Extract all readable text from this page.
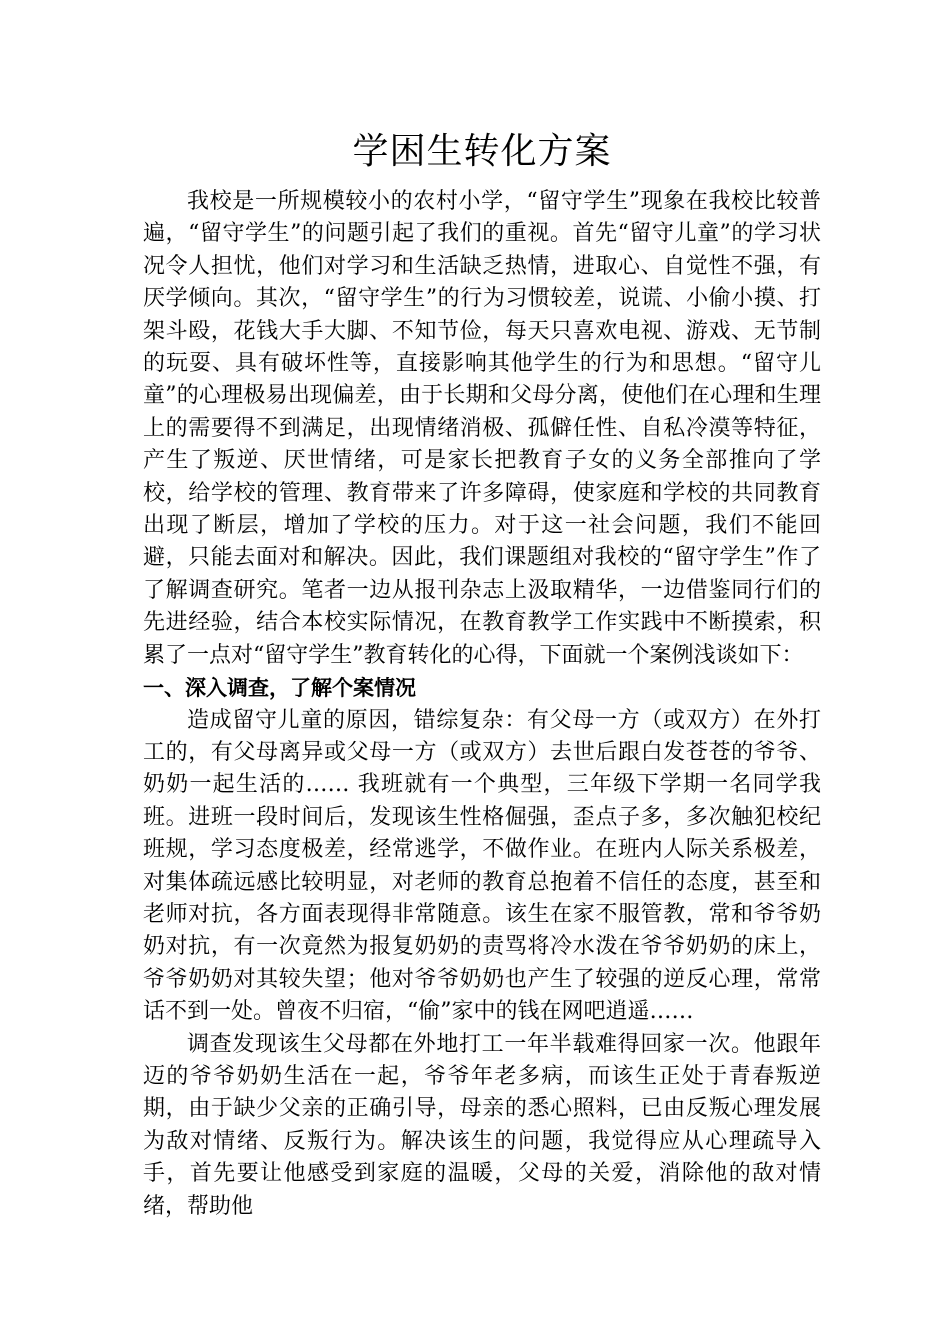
学困生转化方案

我校是一所规模较小的农村小学，“留守学生”现象在我校比较普遍，“留守学生”的问题引起了我们的重视。首先“留守儿童”的学习状况令人担忧，他们对学习和生活缺乏热情，进取心、自觉性不强，有厌学倾向。其次，“留守学生”的行为习惯较差，说谎、小偷小摸、打架斗殴，花钱大手大脚、不知节俭，每天只喜欢电视、游戏、无节制的玩耍、具有破坏性等，直接影响其他学生的行为和思想。“留守儿童”的心理极易出现偏差，由于长期和父母分离，使他们在心理和生理上的需要得不到满足，出现情绪消极、孤僻任性、自私冷漠等特征，产生了叛逆、厌世情绪，可是家长把教育子女的义务全部推向了学校，给学校的管理、教育带来了许多障碍，使家庭和学校的共同教育出现了断层，增加了学校的压力。对于这一社会问题，我们不能回避，只能去面对和解决。因此，我们课题组对我校的“留守学生”作了了解调查研究。笔者一边从报刊杂志上汲取精华，一边借鉴同行们的先进经验，结合本校实际情况，在教育教学工作实践中不断摸索，积累了一点对“留守学生”教育转化的心得，下面就一个案例浅谈如下：

一、深入调查，了解个案情况

造成留守儿童的原因，错综复杂：有父母一方（或双方）在外打工的，有父母离异或父母一方（或双方）去世后跟白发苍苍的爷爷、奶奶一起生活的…… 我班就有一个典型，三年级下学期一名同学我班。进班一段时间后，发现该生性格倔强，歪点子多，多次触犯校纪班规，学习态度极差，经常逃学，不做作业。在班内人际关系极差，对集体疏远感比较明显，对老师的教育总抱着不信任的态度，甚至和老师对抗，各方面表现得非常随意。该生在家不服管教，常和爷爷奶奶对抗，有一次竟然为报复奶奶的责骂将冷水泼在爷爷奶奶的床上，爷爷奶奶对其较失望；他对爷爷奶奶也产生了较强的逆反心理，常常话不到一处。曾夜不归宿，“偷”家中的钱在网吧逍遥……

调查发现该生父母都在外地打工一年半载难得回家一次。他跟年迈的爷爷奶奶生活在一起，爷爷年老多病，而该生正处于青春叛逆期，由于缺少父亲的正确引导，母亲的悉心照料，已由反叛心理发展为敌对情绪、反叛行为。解决该生的问题，我觉得应从心理疏导入手，首先要让他感受到家庭的温暖，父母的关爱，消除他的敌对情绪，帮助他
